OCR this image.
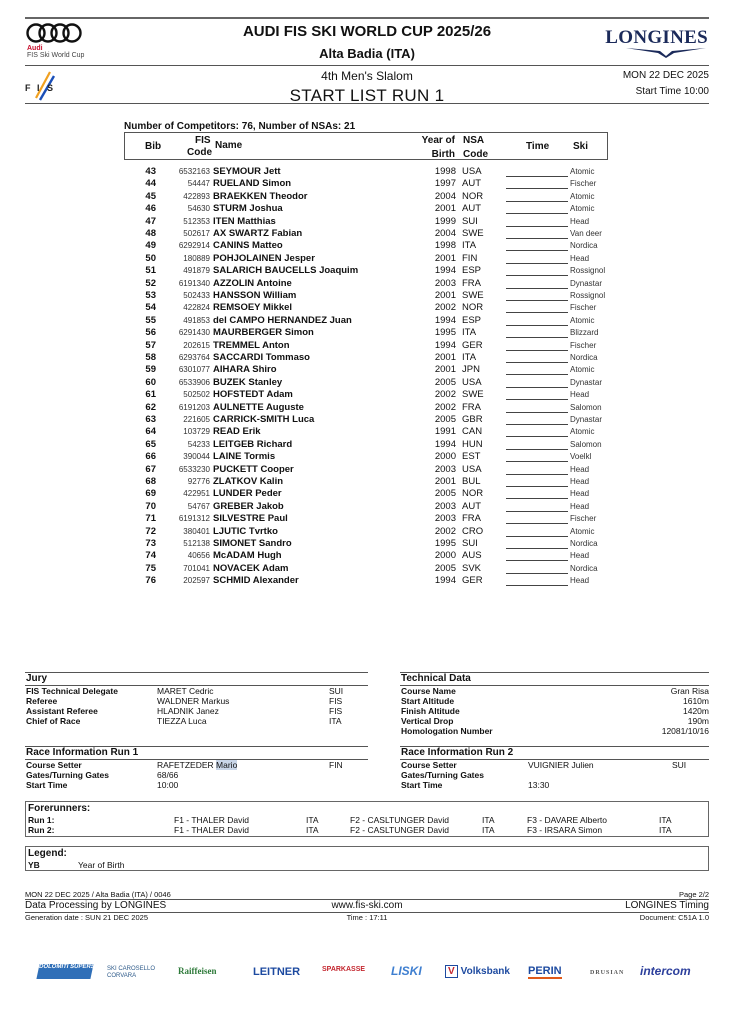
Audi
FIS Ski World Cup
F I S
AUDI FIS SKI WORLD CUP 2025/26
Alta Badia (ITA)
4th Men's Slalom
START LIST RUN 1
LONGINES
MON 22 DEC 2025
Start Time 10:00
Number of Competitors: 76, Number of NSAs: 21
Bib
FIS
Code
Name	Year of
Birth
NSA
Code
Time Ski
43	6532163 SEYMOUR Jett	1998 USA	Atomic
44	54447 RUELAND Simon	1997 AUT	Fischer
45	422893 BRAEKKEN Theodor	2004 NOR	Atomic
46	54630 STURM Joshua	2001 AUT	Atomic
47	512353 ITEN Matthias	1999 SUI	Head
48	502617 AX SWARTZ Fabian	2004 SWE	Van deer
49	6292914 CANINS Matteo	1998 ITA	Nordica
50	180889 POHJOLAINEN Jesper	2001 FIN	Head
51	491879 SALARICH BAUCELLS Joaquim	1994 ESP	Rossignol
52	6191340 AZZOLIN Antoine	2003 FRA	Dynastar
53	502433 HANSSON William	2001 SWE	Rossignol
54	422824 REMSOEY Mikkel	2002 NOR	Fischer
55	491853 del CAMPO HERNANDEZ Juan	1994 ESP	Atomic
56	6291430 MAURBERGER Simon	1995 ITA	Blizzard
57	202615 TREMMEL Anton	1994 GER	Fischer
58	6293764 SACCARDI Tommaso	2001 ITA	Nordica
59	6301077 AIHARA Shiro	2001 JPN	Atomic
60	6533906 BUZEK Stanley	2005 USA	Dynastar
61	502502 HOFSTEDT Adam	2002 SWE	Head
62	6191203 AULNETTE Auguste	2002 FRA	Salomon
63	221605 CARRICK-SMITH Luca	2005 GBR	Dynastar
64	103729 READ Erik	1991 CAN	Atomic
65	54233 LEITGEB Richard	1994 HUN	Salomon
66	390044 LAINE Tormis	2000 EST	Voelkl
67	6533230 PUCKETT Cooper	2003 USA	Head
68	92776 ZLATKOV Kalin	2001 BUL	Head
69	422951 LUNDER Peder	2005 NOR	Head
70	54767 GREBER Jakob	2003 AUT	Head
71	6191312 SILVESTRE Paul	2003 FRA	Fischer
72	380401 LJUTIC Tvrtko	2002 CRO	Atomic
73	512138 SIMONET Sandro	1995 SUI	Nordica
74	40656 McADAM Hugh	2000 AUS	Head
75	701041 NOVACEK Adam	2005 SVK	Nordica
76	202597 SCHMID Alexander	1994 GER	Head
Jury
FIS Technical Delegate	MARET Cedric	SUI
Referee	WALDNER Markus	FIS
Assistant Referee	HLADNIK Janez	FIS
Chief of Race	TIEZZA Luca	ITA
Technical Data
Course Name	Gran Risa
Start Altitude	1610m
Finish Altitude	1420m
Vertical Drop	190m
Homologation Number	12081/10/16
Race Information Run 1
Course Setter	RAFETZEDER Mario	FIN
Gates/Turning Gates	68/66
Start Time	10:00
Race Information Run 2
Course Setter	VUIGNIER Julien	SUI
Gates/Turning Gates
Start Time	13:30
Forerunners:
Run 1:	F1 - THALER David	ITA	F2 - CASLTUNGER David	ITA	F3 - DAVARE Alberto	ITA
Run 2:	F1 - THALER David	ITA	F2 - CASLTUNGER David	ITA	F3 - IRSARA Simon	ITA
Legend:
YB	Year of Birth
MON 22 DEC 2025 / Alta Badia (ITA) / 0046	Page 2/2
Data Processing by LONGINES	www.fis-ski.com	LONGINES Timing
Generation date : SUN 21 DEC 2025	Time : 17:11	Document: C51A 1.0
DOLOMITI SUPERSKI SKI CAROSELLO CORVARA	Raiffeisen	LEITNER	SPARKASSE LISKI	V Volksbank PERIN	DRUSIAN intercom
